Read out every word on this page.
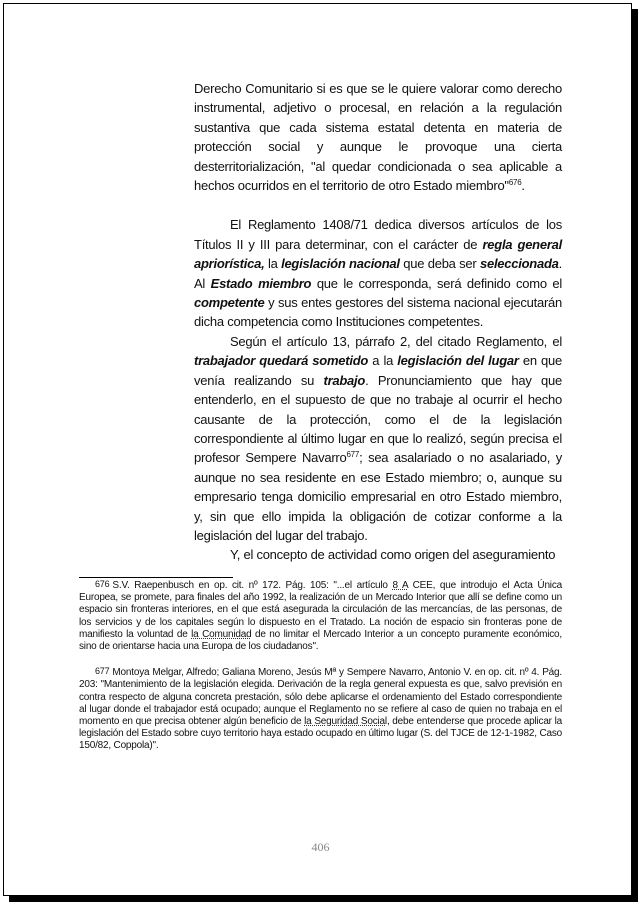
Derecho Comunitario si es que se le quiere valorar como derecho instrumental, adjetivo o procesal, en relación a la regulación sustantiva que cada sistema estatal detenta en materia de protección social y aunque le provoque una cierta desterritorialización, "al quedar condicionada o sea aplicable a hechos ocurridos en el territorio de otro Estado miembro"$^{676}$.

El Reglamento 1408/71 dedica diversos artículos de los Títulos II y III para determinar, con el carácter de regla general apriorística, la legislación nacional que deba ser seleccionada. Al Estado miembro que le corresponda, será definido como el competente y sus entes gestores del sistema nacional ejecutarán dicha competencia como Instituciones competentes.

Según el artículo 13, párrafo 2, del citado Reglamento, el trabajador quedará sometido a la legislación del lugar en que venía realizando su trabajo. Pronunciamiento que hay que entenderlo, en el supuesto de que no trabaje al ocurrir el hecho causante de la protección, como el de la legislación correspondiente al último lugar en que lo realizó, según precisa el profesor Sempere Navarro$^{677}$; sea asalariado o no asalariado, y aunque no sea residente en ese Estado miembro; o, aunque su empresario tenga domicilio empresarial en otro Estado miembro, y, sin que ello impida la obligación de cotizar conforme a la legislación del lugar del trabajo.

Y, el concepto de actividad como origen del aseguramiento

$^{676}$ S.V. Raepenbusch en op. cit. nº 172. Pág. 105: "...el artículo 8 A CEE, que introdujo el Acta Única Europea, se promete, para finales del año 1992, la realización de un Mercado Interior que allí se define como un espacio sin fronteras interiores, en el que está asegurada la circulación de las mercancías, de las personas, de los servicios y de los capitales según lo dispuesto en el Tratado. La noción de espacio sin fronteras pone de manifiesto la voluntad de la Comunidad de no limitar el Mercado Interior a un concepto puramente económico, sino de orientarse hacia una Europa de los ciudadanos".

$^{677}$ Montoya Melgar, Alfredo; Galiana Moreno, Jesús Mª y Sempere Navarro, Antonio V. en op. cit. nº 4. Pág. 203: "Mantenimiento de la legislación elegida. Derivación de la regla general expuesta es que, salvo previsión en contra respecto de alguna concreta prestación, sólo debe aplicarse el ordenamiento del Estado correspondiente al lugar donde el trabajador está ocupado; aunque el Reglamento no se refiere al caso de quien no trabaja en el momento en que precisa obtener algún beneficio de la Seguridad Social, debe entenderse que procede aplicar la legislación del Estado sobre cuyo territorio haya estado ocupado en último lugar (S. del TJCE de 12-1-1982, Caso 150/82, Coppola)".

406
